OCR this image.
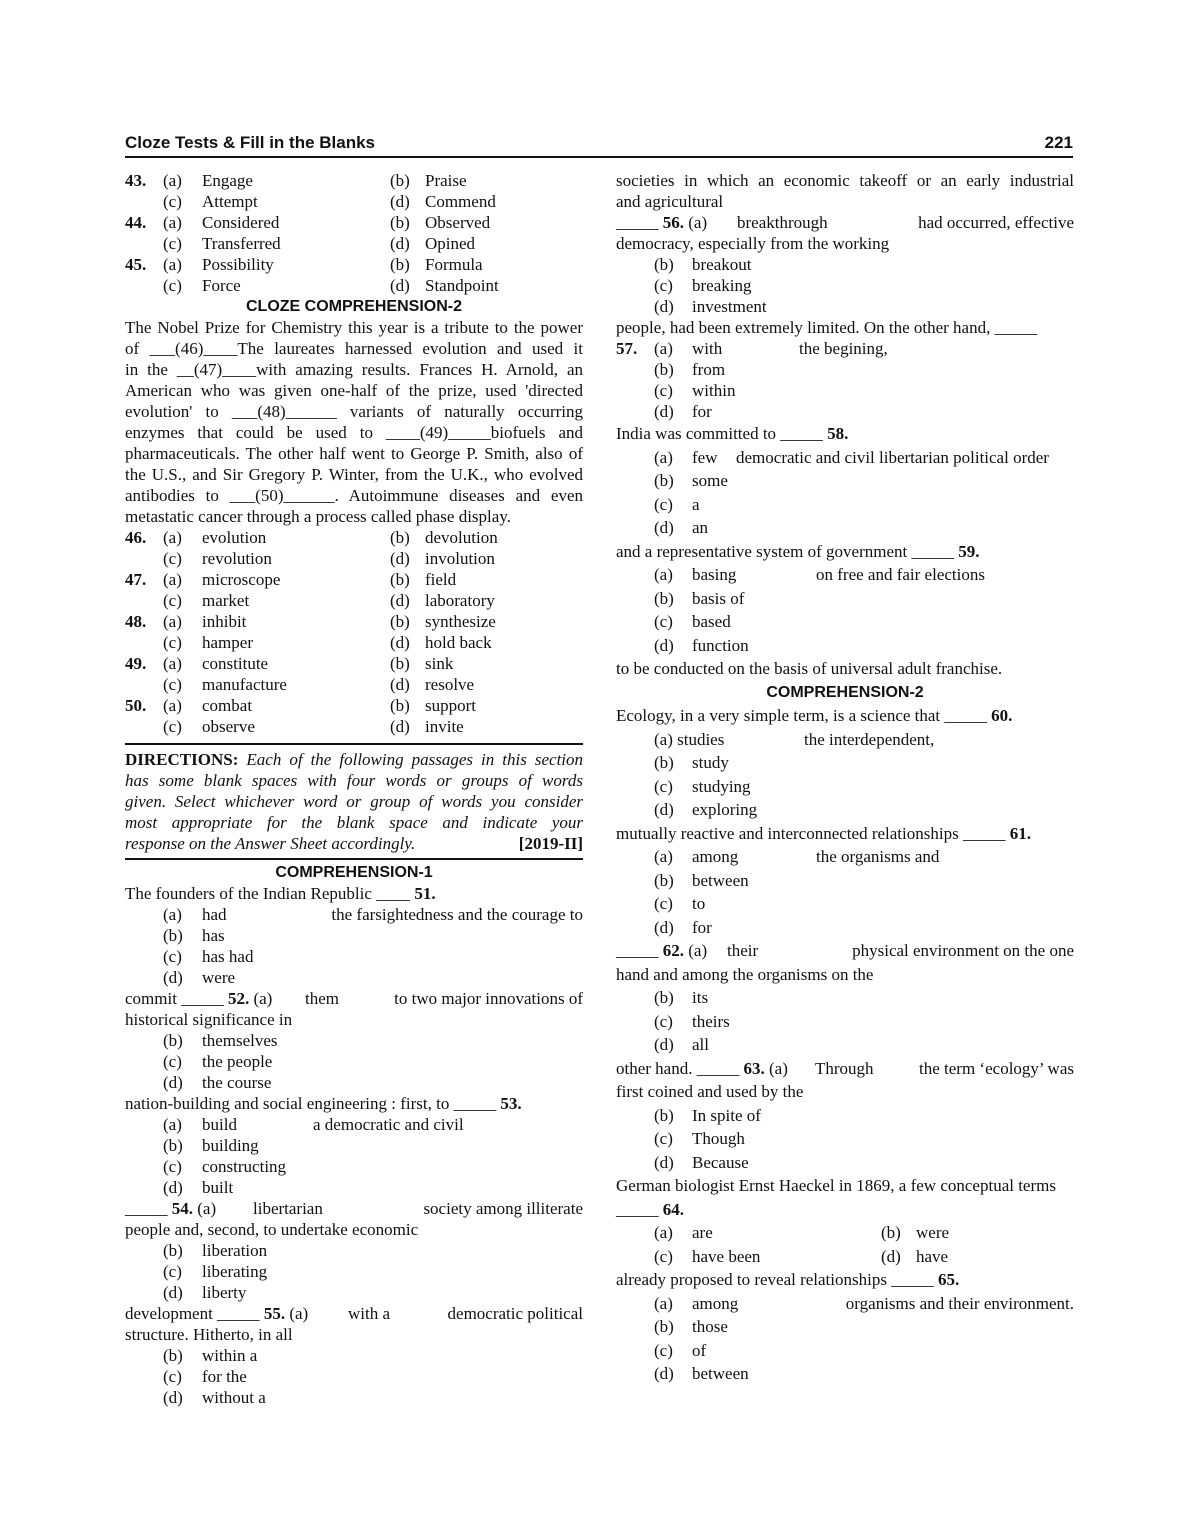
Cloze Tests & Fill in the Blanks	221
43. (a) Engage	(b) Praise
(c) Attempt	(d) Commend
44. (a) Considered	(b) Observed
(c) Transferred	(d) Opined
45. (a) Possibility	(b) Formula
(c) Force	(d) Standpoint
CLOZE COMPREHENSION-2
The Nobel Prize for Chemistry this year is a tribute to the power
of ___(46)____The laureates harnessed evolution and used it
in the __(47)____with amazing results. Frances H. Arnold, an
American who was given one-half of the prize, used 'directed
evolution' to ___(48)______ variants of naturally occurring
enzymes that could be used to ____(49)_____biofuels and
pharmaceuticals. The other half went to George P. Smith, also of
the U.S., and Sir Gregory P. Winter, from the U.K., who evolved
antibodies to ___(50)______. Autoimmune diseases and even
metastatic cancer through a process called phase display.
46. (a) evolution	(b) devolution
(c) revolution	(d) involution
47. (a) microscope	(b) field
(c) market	(d) laboratory
48. (a) inhibit	(b) synthesize
(c) hamper	(d) hold back
49. (a) constitute	(b) sink
(c) manufacture	(d) resolve
50. (a) combat	(b) support
(c) observe	(d) invite
DIRECTIONS: Each of the following passages in this section
has some blank spaces with four words or groups of words
given. Select whichever word or group of words you consider
most appropriate for the blank space and indicate your
response on the Answer Sheet accordingly.	[2019-II]
COMPREHENSION-1
The founders of the Indian Republic ____ 51.
(a) had	the farsightedness and the courage to
(b) has
(c) has had
(d) were
commit _____ 52. (a) them	to two major innovations of
historical significance in
(b) themselves
(c) the people
(d) the course
nation-building and social engineering : first, to _____ 53.
(a) build	a democratic and civil
(b) building
(c) constructing
(d) built
_____ 54. (a) libertarian	society among illiterate
people and, second, to undertake economic
(b) liberation
(c) liberating
(d) liberty
development _____ 55. (a) with a	democratic political
structure. Hitherto, in all
(b) within a
(c) for the
(d) without a
societies in which an economic takeoff or an early industrial
and agricultural
_____ 56. (a) breakthrough	had occurred, effective
democracy, especially from the working
(b) breakout
(c) breaking
(d) investment
people, had been extremely limited. On the other hand, _____
57. (a) with	the begining,
(b) from
(c) within
(d) for
India was committed to _____ 58.
(a) few democratic and civil libertarian political order
(b) some
(c) a
(d) an
and a representative system of government _____ 59.
(a) basing	on free and fair elections
(b) basis of
(c) based
(d) function
to be conducted on the basis of universal adult franchise.
COMPREHENSION-2
Ecology, in a very simple term, is a science that _____ 60.
(a) studies	the interdependent,
(b) study
(c) studying
(d) exploring
mutually reactive and interconnected relationships _____ 61.
(a) among	the organisms and
(b) between
(c) to
(d) for
_____ 62. (a) their	physical environment on the one
hand and among the organisms on the
(b) its
(c) theirs
(d) all
other hand. _____ 63. (a) Through	the term ‘ecology’ was
first coined and used by the
(b) In spite of
(c) Though
(d) Because
German biologist Ernst Haeckel in 1869, a few conceptual terms
_____ 64.
(a) are	(b) were
(c) have been	(d) have
already proposed to reveal relationships _____ 65.
(a) among	organisms and their environment.
(b) those
(c) of
(d) between
